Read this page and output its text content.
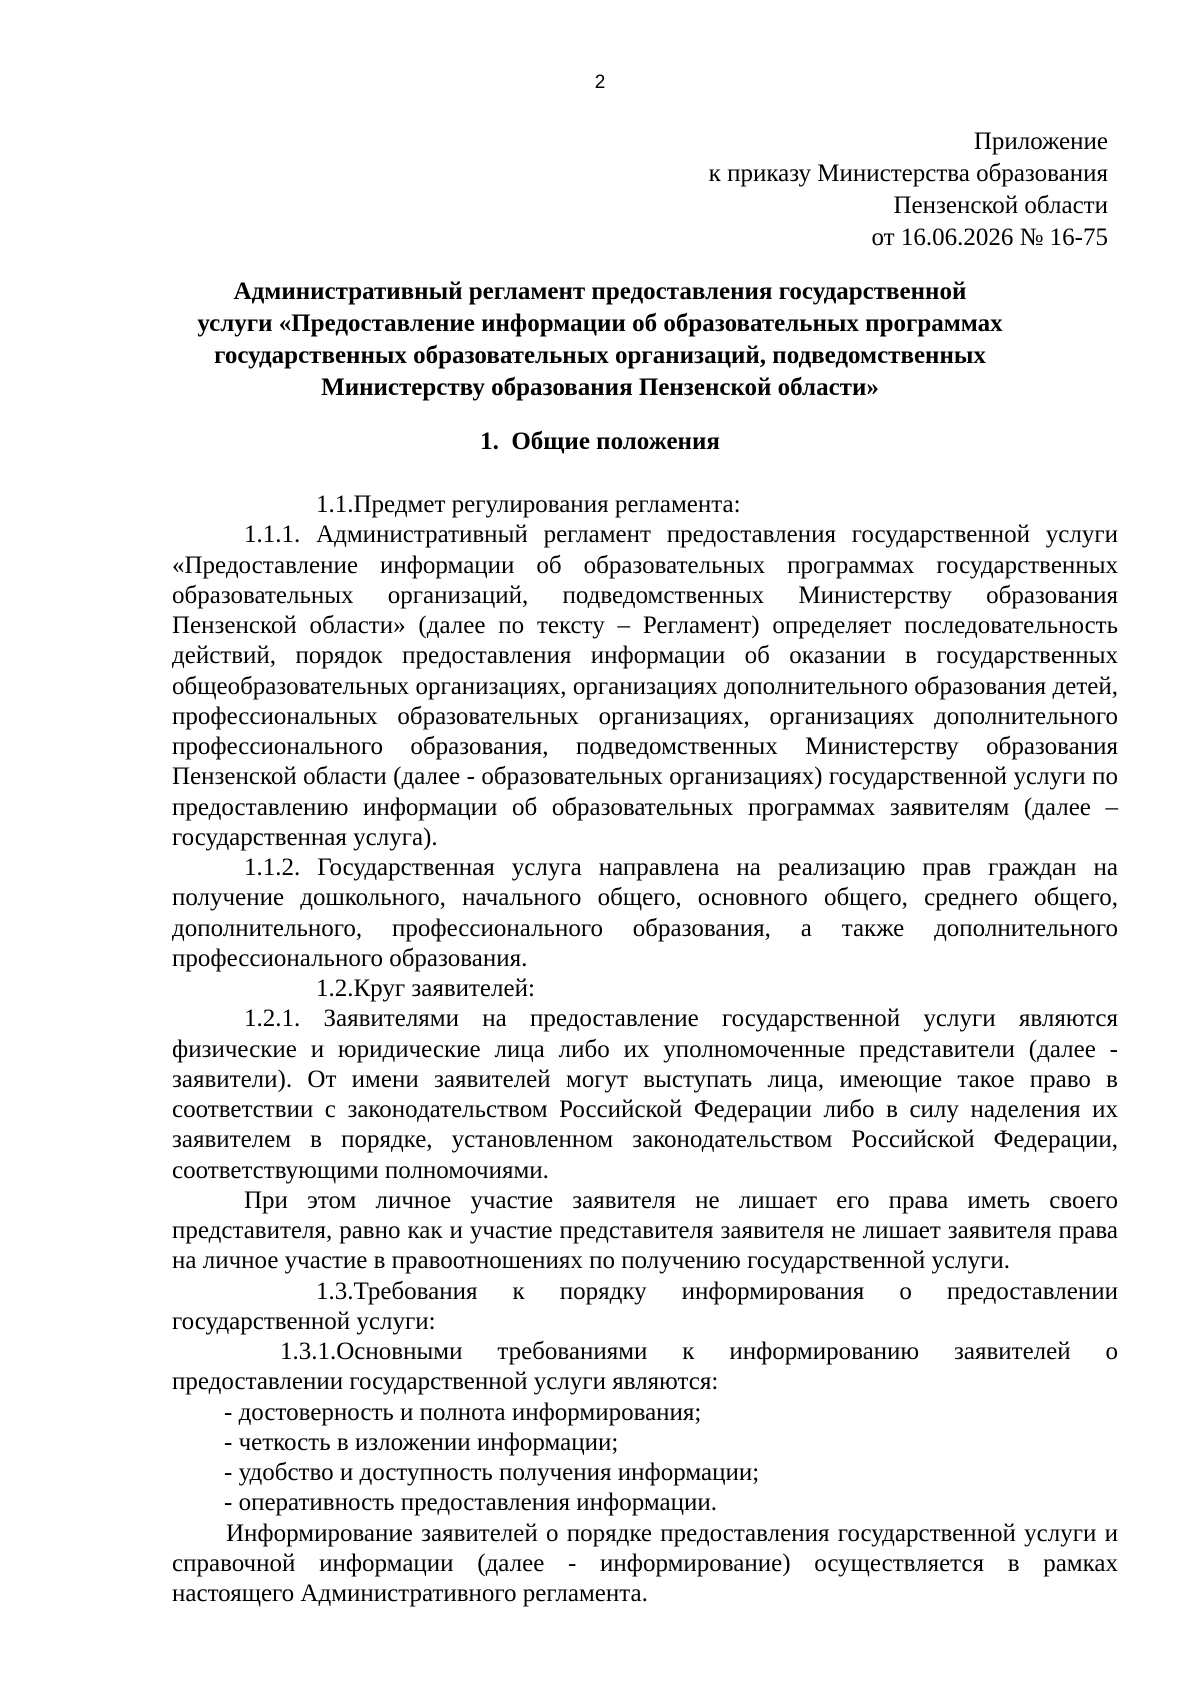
2
Приложение
к приказу Министерства образования
Пензенской области
от 16.06.2026 № 16-75
Административный регламент предоставления государственной
услуги «Предоставление информации об образовательных программах
государственных образовательных организаций, подведомственных
Министерству образования Пензенской области»
1. Общие положения

1.1.Предмет регулирования регламента:

1.1.1. Административный регламент предоставления государственной услуги «Предоставление информации об образовательных программах государственных образовательных организаций, подведомственных Министерству образования Пензенской области» (далее по тексту – Регламент) определяет последовательность действий, порядок предоставления информации об оказании в государственных общеобразовательных организациях, организациях дополнительного образования детей, профессиональных образовательных организациях, организациях дополнительного профессионального образования, подведомственных Министерству образования Пензенской области (далее - образовательных организациях) государственной услуги по предоставлению информации об образовательных программах заявителям (далее – государственная услуга).

1.1.2. Государственная услуга направлена на реализацию прав граждан на получение дошкольного, начального общего, основного общего, среднего общего, дополнительного, профессионального образования, а также дополнительного профессионального образования.

1.2.Круг заявителей:

1.2.1. Заявителями на предоставление государственной услуги являются физические и юридические лица либо их уполномоченные представители (далее - заявители). От имени заявителей могут выступать лица, имеющие такое право в соответствии с законодательством Российской Федерации либо в силу наделения их заявителем в порядке, установленном законодательством Российской Федерации, соответствующими полномочиями.

При этом личное участие заявителя не лишает его права иметь своего представителя, равно как и участие представителя заявителя не лишает заявителя права на личное участие в правоотношениях по получению государственной услуги.

1.3.Требования к порядку информирования о предоставлении государственной услуги:

1.3.1.Основными требованиями к информированию заявителей о предоставлении государственной услуги являются:

- достоверность и полнота информирования;

- четкость в изложении информации;

- удобство и доступность получения информации;

- оперативность предоставления информации.

Информирование заявителей о порядке предоставления государственной услуги и справочной информации (далее - информирование) осуществляется в рамках настоящего Административного регламента.
